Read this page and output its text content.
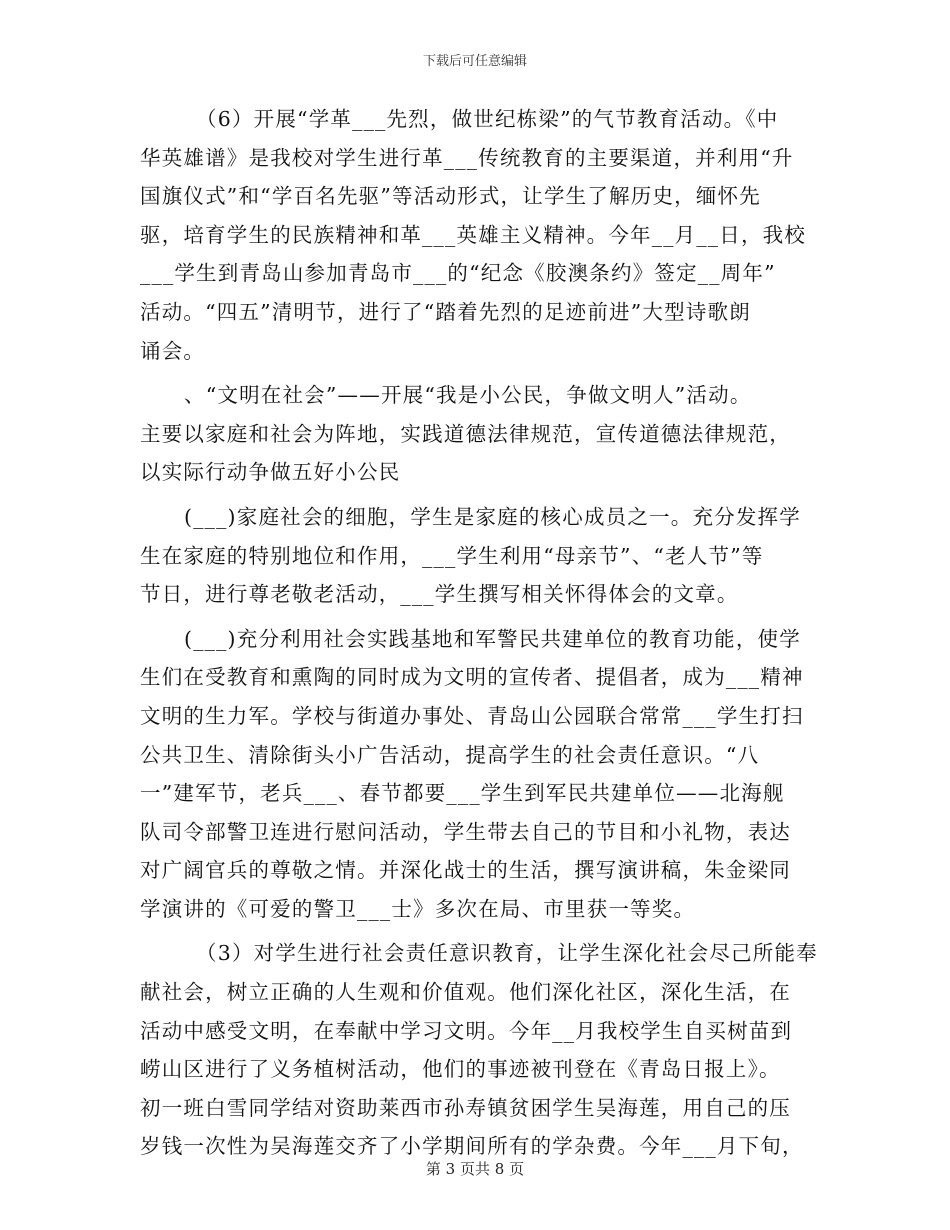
下载后可任意编辑
（6）开展“学革___先烈，做世纪栋梁”的气节教育活动。《中
华英雄谱》是我校对学生进行革___传统教育的主要渠道，并利用“升
国旗仪式”和“学百名先驱”等活动形式，让学生了解历史，缅怀先
驱，培育学生的民族精神和革___英雄主义精神。今年__月__日，我校
___学生到青岛山参加青岛市___的“纪念《胶澳条约》签定__周年”
活动。“四五”清明节，进行了“踏着先烈的足迹前进”大型诗歌朗
诵会。
、“文明在社会”——开展“我是小公民，争做文明人”活动。
主要以家庭和社会为阵地，实践道德法律规范，宣传道德法律规范，
以实际行动争做五好小公民
(___)家庭社会的细胞，学生是家庭的核心成员之一。充分发挥学
生在家庭的特别地位和作用，___学生利用“母亲节”、“老人节”等
节日，进行尊老敬老活动，___学生撰写相关怀得体会的文章。
(___)充分利用社会实践基地和军警民共建单位的教育功能，使学
生们在受教育和熏陶的同时成为文明的宣传者、提倡者，成为___精神
文明的生力军。学校与街道办事处、青岛山公园联合常常___学生打扫
公共卫生、清除街头小广告活动，提高学生的社会责任意识。“八
一”建军节，老兵___、春节都要___学生到军民共建单位——北海舰
队司令部警卫连进行慰问活动，学生带去自己的节目和小礼物，表达
对广阔官兵的尊敬之情。并深化战士的生活，撰写演讲稿，朱金梁同
学演讲的《可爱的警卫___士》多次在局、市里获一等奖。
（3）对学生进行社会责任意识教育，让学生深化社会尽己所能奉
献社会，树立正确的人生观和价值观。他们深化社区，深化生活，在
活动中感受文明，在奉献中学习文明。今年__月我校学生自买树苗到
崂山区进行了义务植树活动，他们的事迹被刊登在《青岛日报上》。
初一班白雪同学结对资助莱西市孙寿镇贫困学生吴海莲，用自己的压
岁钱一次性为吴海莲交齐了小学期间所有的学杂费。今年___月下旬，
第 3 页共 8 页
